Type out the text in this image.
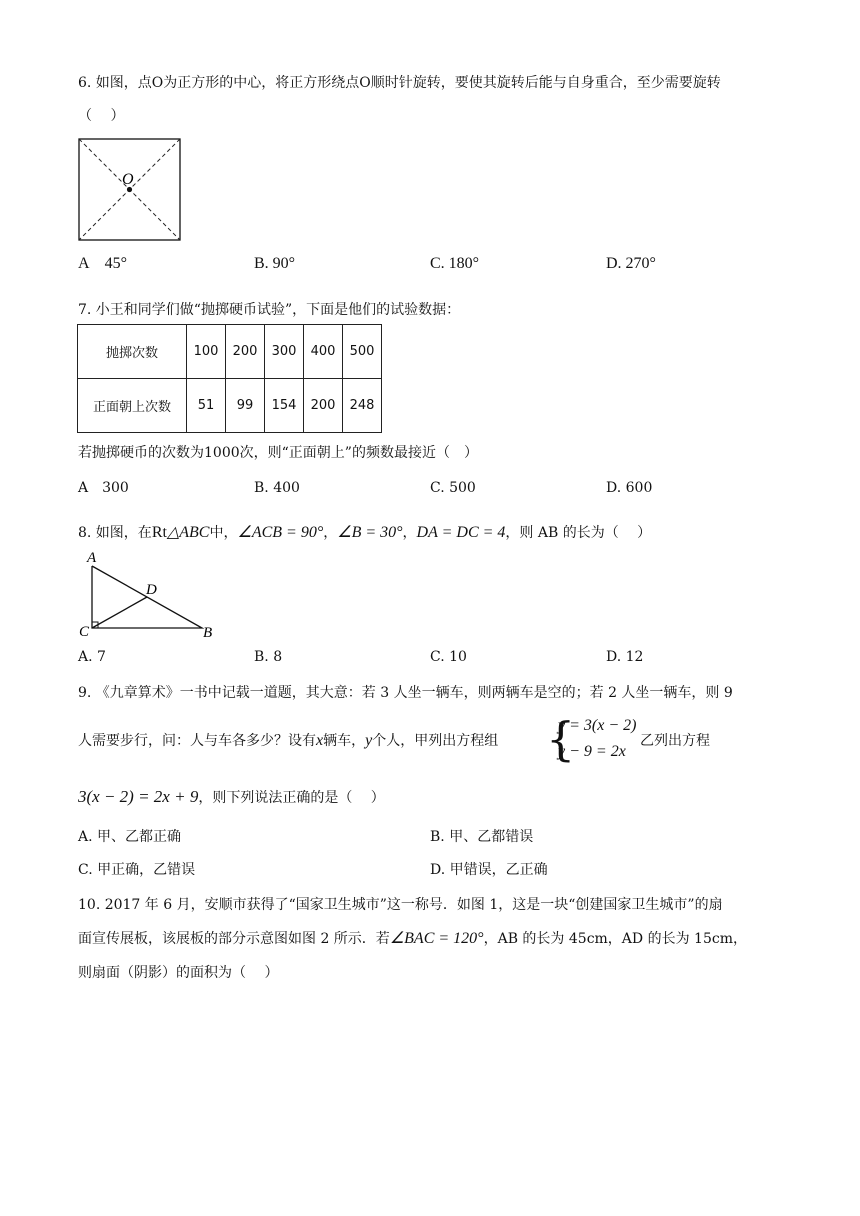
6. 如图，点O为正方形的中心，将正方形绕点O顺时针旋转，要使其旋转后能与自身重合，至少需要旋转
（　 ）
O
A　45°	B. 90°	C. 180°	D. 270°
7. 小王和同学们做“抛掷硬币试验”，下面是他们的试验数据：
抛掷次数	100	200	300	400	500
正面朝上次数	51	99	154	200	248
若抛掷硬币的次数为1000次，则“正面朝上”的频数最接近（　）
A　300	B. 400	C. 500	D. 600
8. 如图，在Rt△ABC中，∠ACB = 90°，∠B = 30°，DA = DC = 4，则 AB 的长为（　 ）
A
D
C	B
A. 7	B. 8	C. 10	D. 12
9. 《九章算术》一书中记载一道题，其大意：若 3 人坐一辆车，则两辆车是空的；若 2 人坐一辆车，则 9
人需要步行，问：人与车各多少？设有x辆车，y个人，甲列出方程组 {
y = 3(x − 2)
y − 9 = 2x
乙列出方程
3(x − 2) = 2x + 9，则下列说法正确的是（　 ）
A. 甲、乙都正确	B. 甲、乙都错误
C. 甲正确，乙错误	D. 甲错误，乙正确
10. 2017 年 6 月，安顺市获得了“国家卫生城市”这一称号．如图 1，这是一块“创建国家卫生城市”的扇
面宣传展板，该展板的部分示意图如图 2 所示．若∠BAC = 120°，AB 的长为 45cm，AD 的长为 15cm，
则扇面（阴影）的面积为（　 ）
